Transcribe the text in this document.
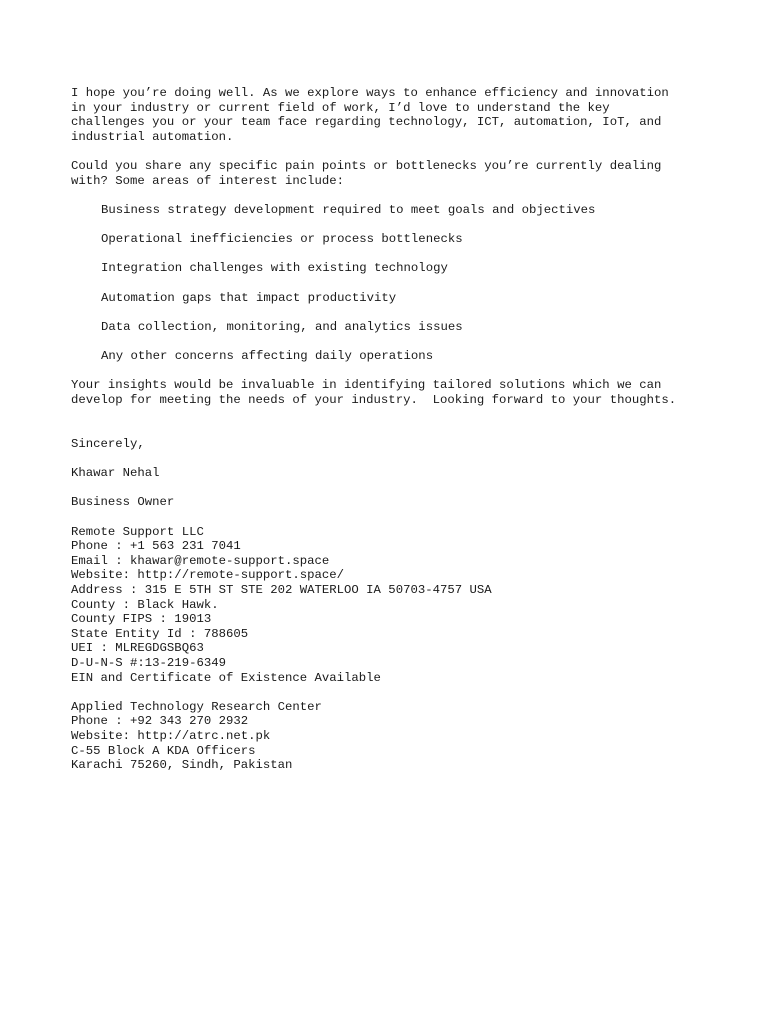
I hope you’re doing well. As we explore ways to enhance efficiency and innovation

in your industry or current field of work, I’d love to understand the key

challenges you or your team face regarding technology, ICT, automation, IoT, and

industrial automation.

Could you share any specific pain points or bottlenecks you’re currently dealing

with? Some areas of interest include:

Business strategy development required to meet goals and objectives

Operational inefficiencies or process bottlenecks

Integration challenges with existing technology

Automation gaps that impact productivity

Data collection, monitoring, and analytics issues

Any other concerns affecting daily operations

Your insights would be invaluable in identifying tailored solutions which we can

develop for meeting the needs of your industry.  Looking forward to your thoughts.

Sincerely,

Khawar Nehal

Business Owner

Remote Support LLC

Phone : +1 563 231 7041

Email : khawar@remote-support.space

Website: http://remote-support.space/

Address : 315 E 5TH ST STE 202 WATERLOO IA 50703-4757 USA

County : Black Hawk.

County FIPS : 19013

State Entity Id : 788605

UEI : MLREGDGSBQ63

D-U-N-S #:13-219-6349

EIN and Certificate of Existence Available

Applied Technology Research Center

Phone : +92 343 270 2932

Website: http://atrc.net.pk

C-55 Block A KDA Officers

Karachi 75260, Sindh, Pakistan
